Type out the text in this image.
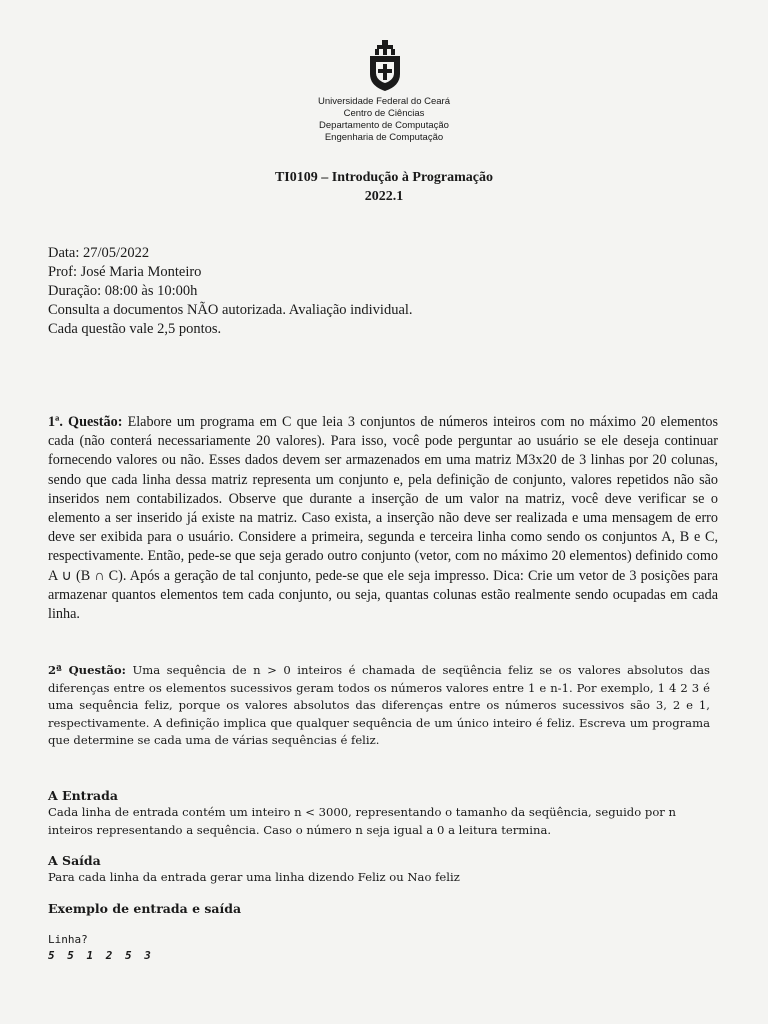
Universidade Federal do Ceará
Centro de Ciências
Departamento de Computação
Engenharia de Computação
TI0109 – Introdução à Programação
2022.1
Data: 27/05/2022
Prof: José Maria Monteiro
Duração: 08:00 às 10:00h
Consulta a documentos NÃO autorizada. Avaliação individual.
Cada questão vale 2,5 pontos.
1ª. Questão: Elabore um programa em C que leia 3 conjuntos de números inteiros com no máximo 20 elementos cada (não conterá necessariamente 20 valores). Para isso, você pode perguntar ao usuário se ele deseja continuar fornecendo valores ou não. Esses dados devem ser armazenados em uma matriz M3x20 de 3 linhas por 20 colunas, sendo que cada linha dessa matriz representa um conjunto e, pela definição de conjunto, valores repetidos não são inseridos nem contabilizados. Observe que durante a inserção de um valor na matriz, você deve verificar se o elemento a ser inserido já existe na matriz. Caso exista, a inserção não deve ser realizada e uma mensagem de erro deve ser exibida para o usuário. Considere a primeira, segunda e terceira linha como sendo os conjuntos A, B e C, respectivamente. Então, pede-se que seja gerado outro conjunto (vetor, com no máximo 20 elementos) definido como A ∪ (B ∩ C). Após a geração de tal conjunto, pede-se que ele seja impresso. Dica: Crie um vetor de 3 posições para armazenar quantos elementos tem cada conjunto, ou seja, quantas colunas estão realmente sendo ocupadas em cada linha.
2ª Questão: Uma sequência de n > 0 inteiros é chamada de seqüência feliz se os valores absolutos das diferenças entre os elementos sucessivos geram todos os números valores entre 1 e n-1. Por exemplo, 1 4 2 3 é uma sequência feliz, porque os valores absolutos das diferenças entre os números sucessivos são 3, 2 e 1, respectivamente. A definição implica que qualquer sequência de um único inteiro é feliz. Escreva um programa que determine se cada uma de várias sequências é feliz.
A Entrada

Cada linha de entrada contém um inteiro n < 3000, representando o tamanho da seqüência, seguido por n inteiros representando a sequência. Caso o número n seja igual a 0 a leitura termina.

A Saída

Para cada linha da entrada gerar uma linha dizendo Feliz ou Nao feliz

Exemplo de entrada e saída
Linha?
5 5 1 2 5 3
